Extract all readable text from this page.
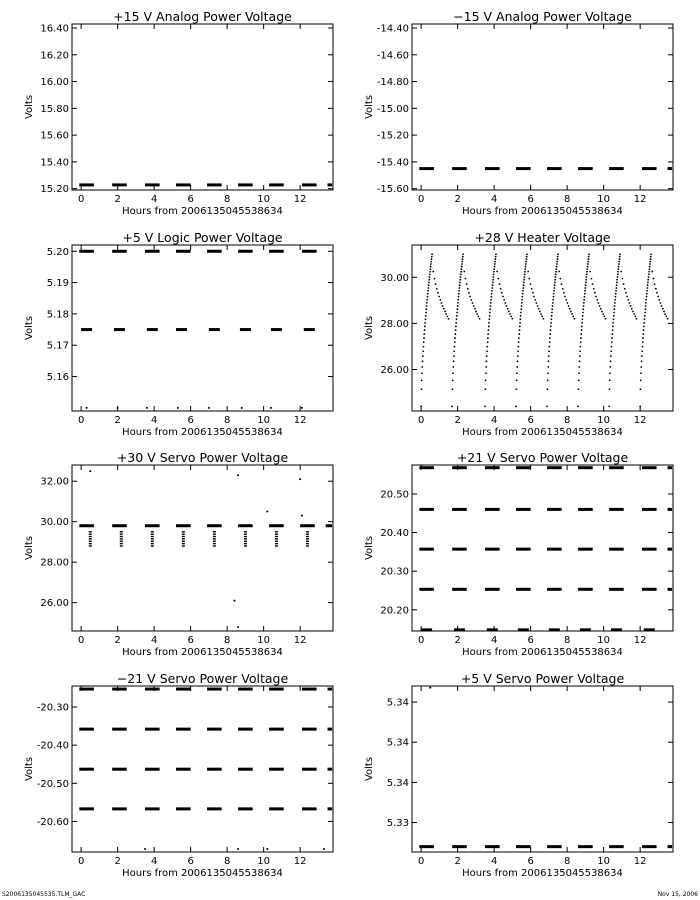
+15 V Analog Power Voltage
0	2	4	6	8	10 12
15.20
15.40
15.60
15.80
16.00
16.20
16.40
Hours from 2006135045538634
Volts
−15 V Analog Power Voltage
0	2	4	6	8	10 12
-14.40
-14.60
-14.80
-15.00
-15.20
-15.40
-15.60
Hours from 2006135045538634
Volts
+5 V Logic Power Voltage
0	2	4	6	8	10 12
5.16
5.17
5.18
5.19
5.20
Hours from 2006135045538634
Volts
+28 V Heater Voltage
0	2	4	6	8	10 12
26.00
28.00
30.00
Hours from 2006135045538634
Volts
+30 V Servo Power Voltage
0	2	4	6	8	10 12
26.00
28.00
30.00
32.00
Hours from 2006135045538634
Volts
+21 V Servo Power Voltage
0	2	4	6	8	10 12
20.20
20.30
20.40
20.50
Hours from 2006135045538634
Volts
−21 V Servo Power Voltage
0	2	4	6	8	10 12
-20.30
-20.40
-20.50
-20.60
Hours from 2006135045538634
Volts
+5 V Servo Power Voltage
0	2	4	6	8	10 12
5.33
5.34
5.34
5.34
Hours from 2006135045538634
Volts
S2006135045535.TLM_GAC	Nov 15, 2006
